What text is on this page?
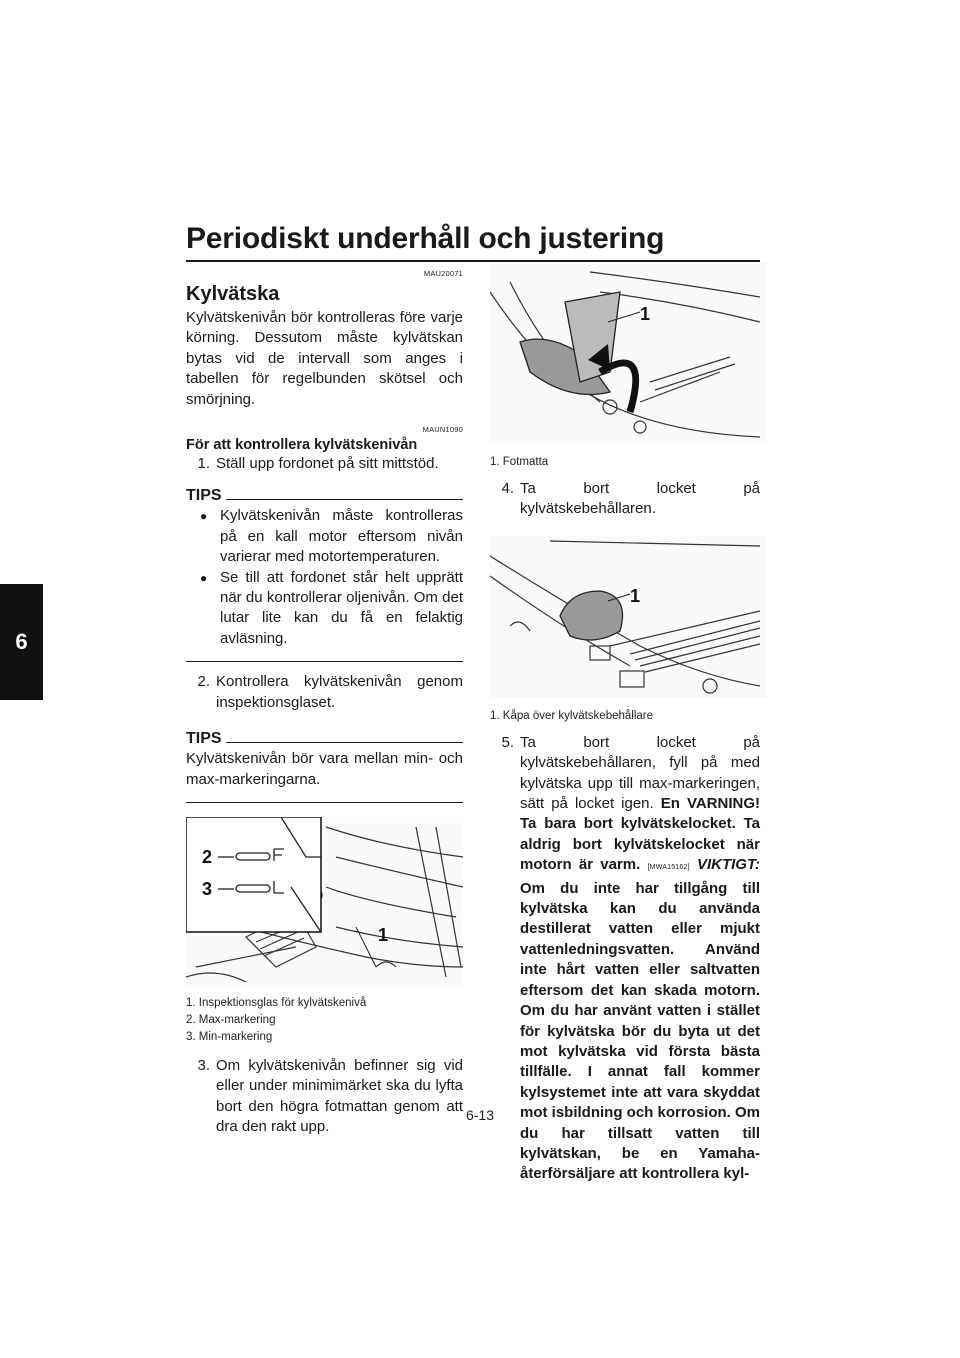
Periodiskt underhåll och justering
6
MAU20071
Kylvätska

Kylvätskenivån bör kontrolleras före varje körning. Dessutom måste kylvätskan bytas vid de intervall som anges i tabellen för regelbunden skötsel och smörjning.

MAUN1090
För att kontrollera kylvätskenivån
1. Ställ upp fordonet på sitt mittstöd.
TIPS
● Kylvätskenivån måste kontrolleras på en kall motor eftersom nivån varierar med motortemperaturen.
● Se till att fordonet står helt upprätt när du kontrollerar oljenivån. Om det lutar lite kan du få en felaktig avläsning.
2. Kontrollera kylvätskenivån genom inspektionsglaset.
TIPS

Kylvätskenivån bör vara mellan min- och max-markeringarna.

2
3
1
1. Inspektionsglas för kylvätskenivå
2. Max-markering
3. Min-markering
3. Om kylvätskenivån befinner sig vid eller under minimimärket ska du lyfta bort den högra fotmattan genom att dra den rakt upp.
1
1. Fotmatta
4. Ta bort locket på kylvätskebehållaren.
1
1. Kåpa över kylvätskebehållare
5. Ta bort locket på kylvätskebehållaren, fyll på med kylvätska upp till max-markeringen, sätt på locket igen. En VARNING! Ta bara bort kylvätskelocket. Ta aldrig bort kylvätskelocket när motorn är varm. [MWA15162] VIKTIGT: Om du inte har tillgång till kylvätska kan du använda destillerat vatten eller mjukt vattenledningsvatten. Använd inte hårt vatten eller saltvatten eftersom det kan skada motorn. Om du har använt vatten i stället för kylvätska bör du byta ut det mot kylvätska vid första bästa tillfälle. I annat fall kommer kylsystemet inte att vara skyddat mot isbildning och korrosion. Om du har tillsatt vatten till kylvätskan, be en Yamaha-återförsäljare att kontrollera kyl-
6-13
